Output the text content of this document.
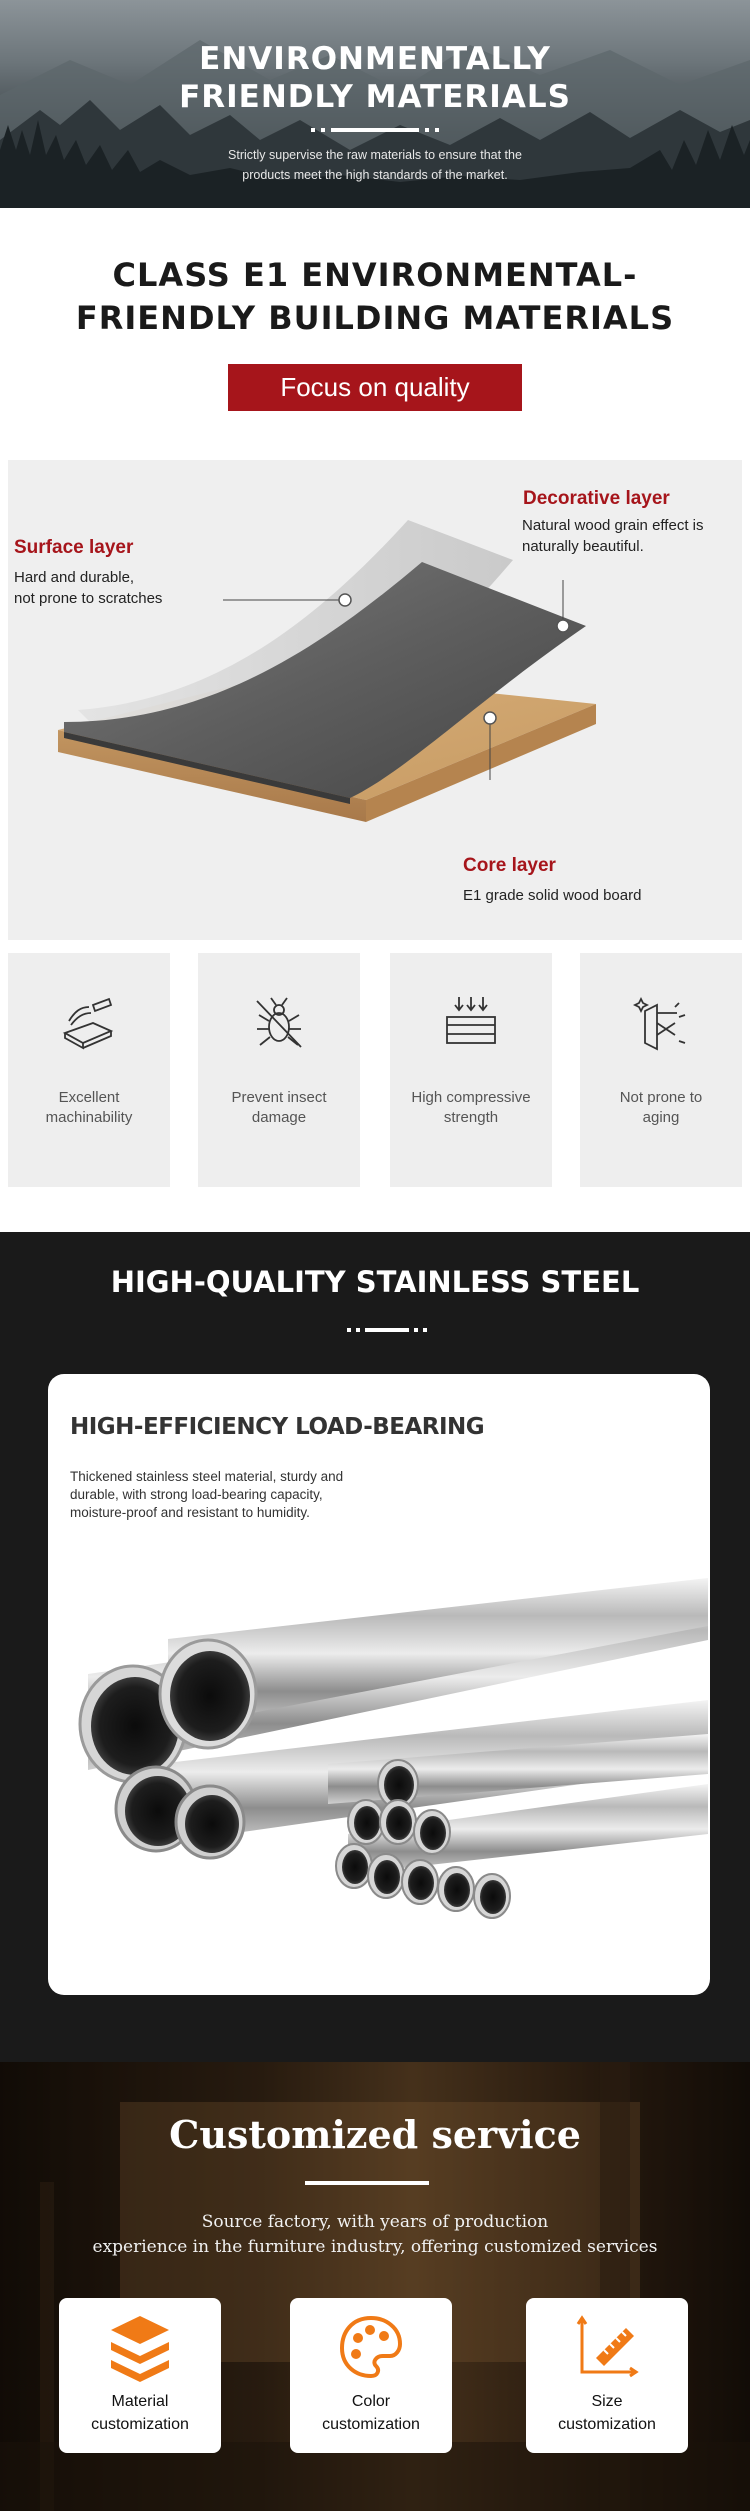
ENVIRONMENTALLY
FRIENDLY MATERIALS
Strictly supervise the raw materials to ensure that the
products meet the high standards of the market.
CLASS E1 ENVIRONMENTAL-
FRIENDLY BUILDING MATERIALS
Focus on quality
Surface layer
Hard and durable,
not prone to scratches
Decorative layer
Natural wood grain effect is
naturally beautiful.
Core layer
E1 grade solid wood board
Excellent
machinability
Prevent insect
damage
High compressive
strength
Not prone to
aging
HIGH-QUALITY STAINLESS STEEL
HIGH-EFFICIENCY LOAD-BEARING
Thickened stainless steel material, sturdy and
durable, with strong load-bearing capacity,
moisture-proof and resistant to humidity.
Customized service
Source factory, with years of production
experience in the furniture industry, offering customized services
Material
customization
Color
customization
Size
customization
